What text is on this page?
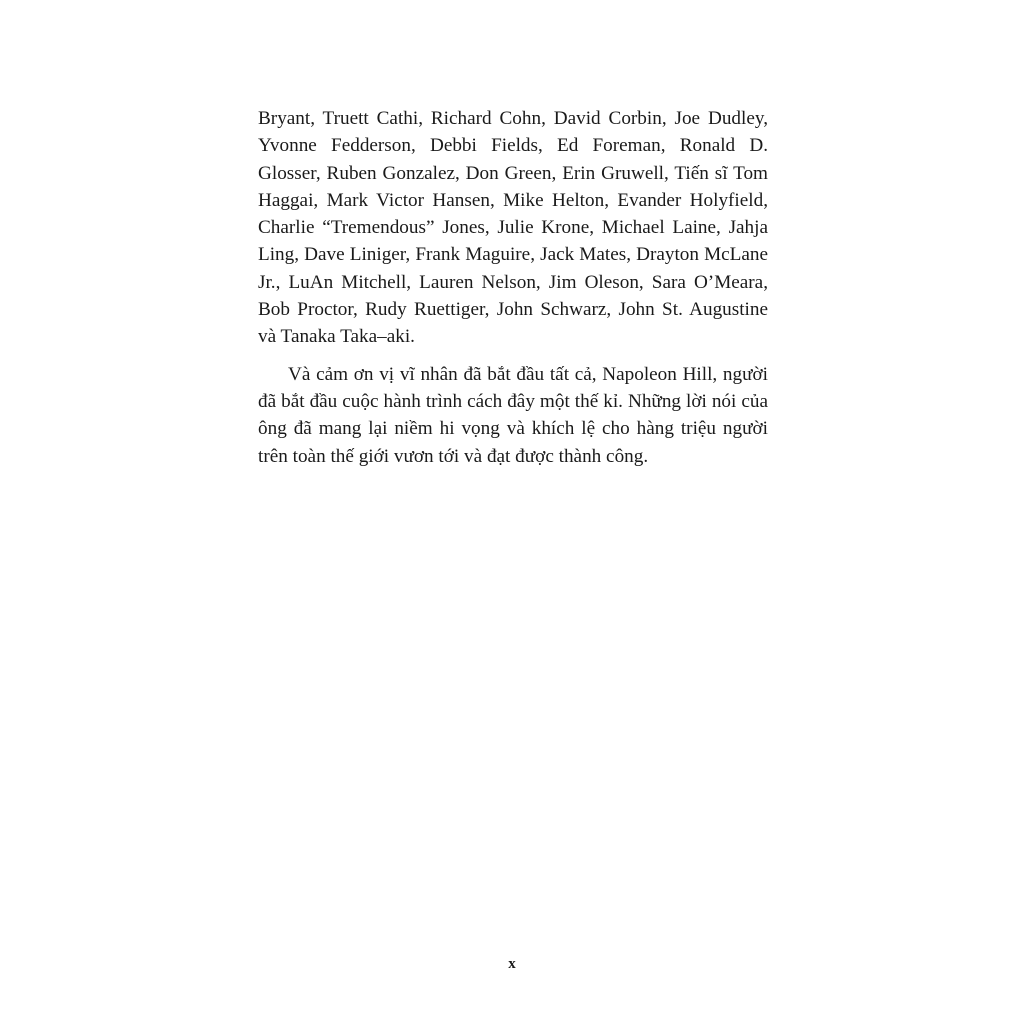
Bryant, Truett Cathi, Richard Cohn, David Corbin, Joe Dudley, Yvonne Fedderson, Debbi Fields, Ed Foreman, Ronald D. Glosser, Ruben Gonzalez, Don Green, Erin Gruwell, Tiến sĩ Tom Haggai, Mark Victor Hansen, Mike Helton, Evander Holyfield, Charlie “Tremendous” Jones, Julie Krone, Michael Laine, Jahja Ling, Dave Liniger, Frank Maguire, Jack Mates, Drayton McLane Jr., LuAn Mitchell, Lauren Nelson, Jim Oleson, Sara O’Meara, Bob Proctor, Rudy Ruettiger, John Schwarz, John St. Augustine và Tanaka Taka–aki.

Và cảm ơn vị vĩ nhân đã bắt đầu tất cả, Napoleon Hill, người đã bắt đầu cuộc hành trình cách đây một thế kỉ. Những lời nói của ông đã mang lại niềm hi vọng và khích lệ cho hàng triệu người trên toàn thế giới vươn tới và đạt được thành công.

x
